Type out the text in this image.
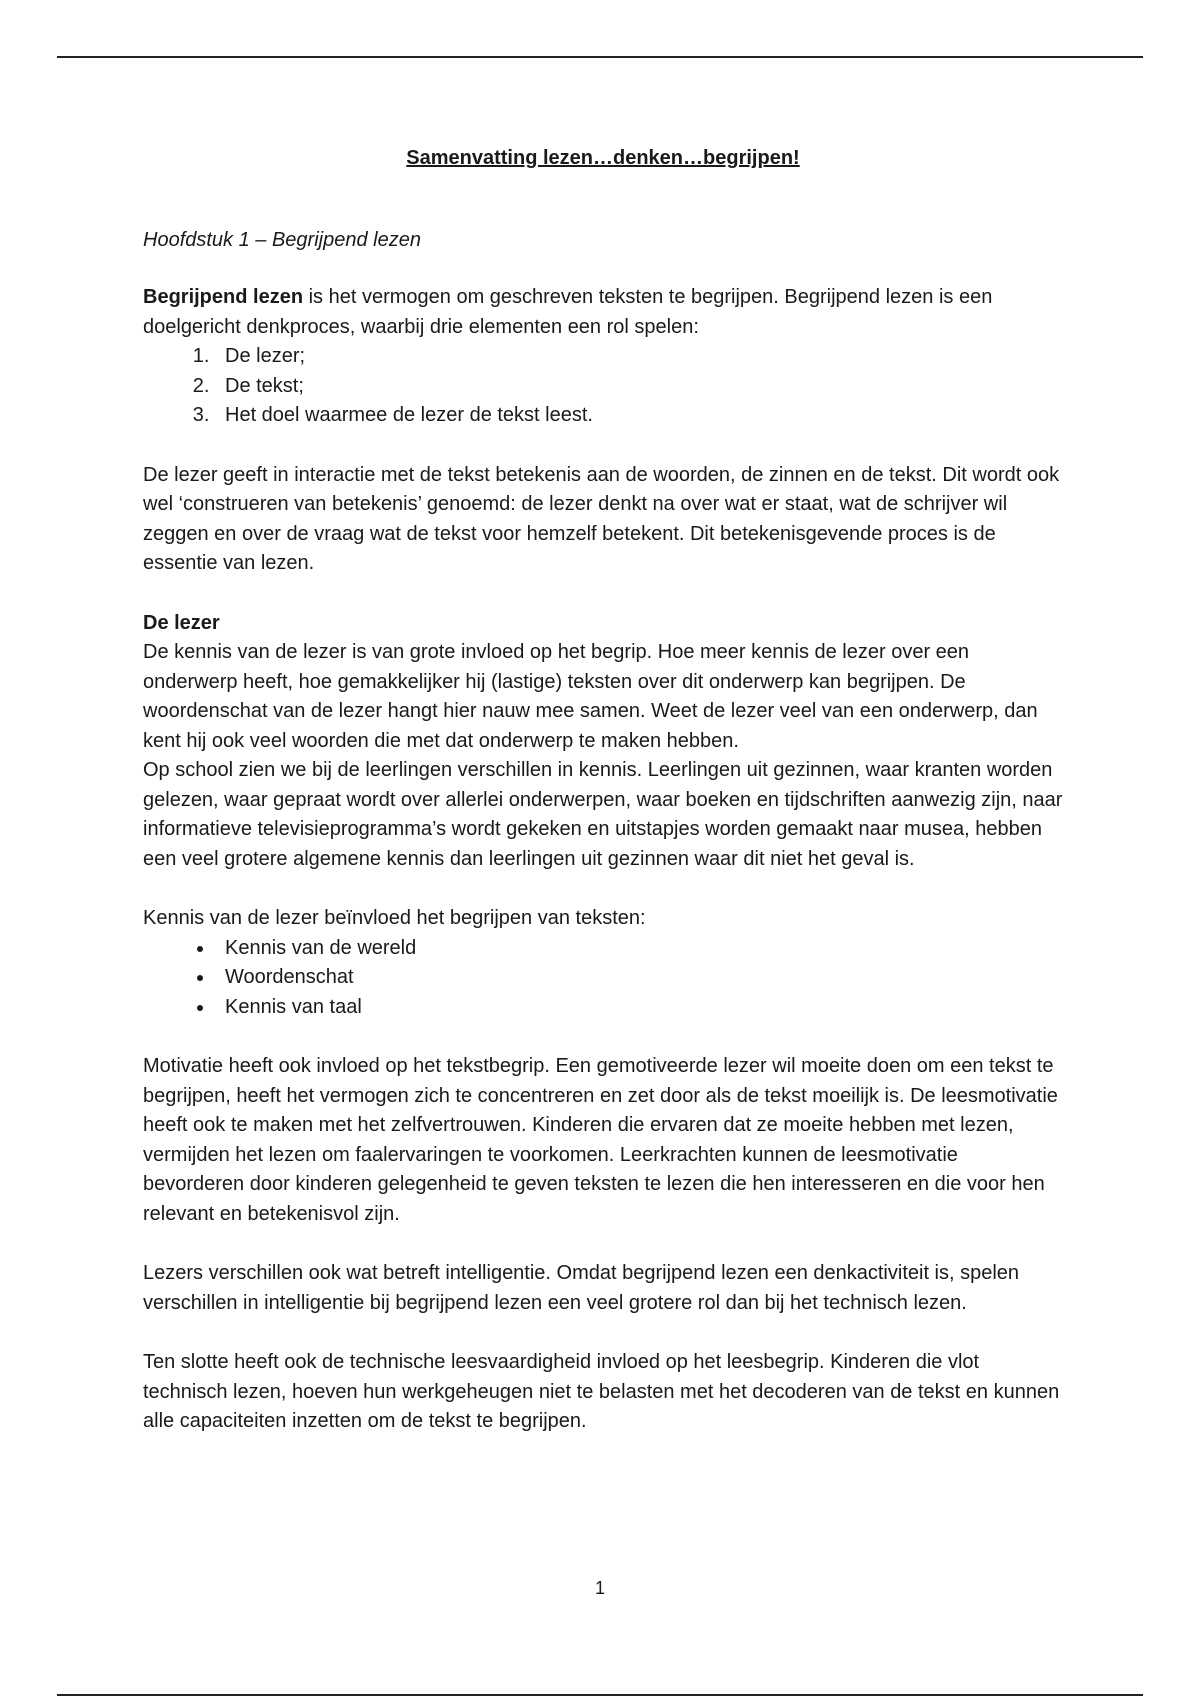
Samenvatting lezen…denken…begrijpen!
Hoofdstuk 1 – Begrijpend lezen

Begrijpend lezen is het vermogen om geschreven teksten te begrijpen. Begrijpend lezen is een doelgericht denkproces, waarbij drie elementen een rol spelen:

1. De lezer;
2. De tekst;
3. Het doel waarmee de lezer de tekst leest.

De lezer geeft in interactie met de tekst betekenis aan de woorden, de zinnen en de tekst. Dit wordt ook wel ‘construeren van betekenis’ genoemd: de lezer denkt na over wat er staat, wat de schrijver wil zeggen en over de vraag wat de tekst voor hemzelf betekent. Dit betekenisgevende proces is de essentie van lezen.

De lezer
De kennis van de lezer is van grote invloed op het begrip. Hoe meer kennis de lezer over een onderwerp heeft, hoe gemakkelijker hij (lastige) teksten over dit onderwerp kan begrijpen. De woordenschat van de lezer hangt hier nauw mee samen. Weet de lezer veel van een onderwerp, dan kent hij ook veel woorden die met dat onderwerp te maken hebben.
Op school zien we bij de leerlingen verschillen in kennis. Leerlingen uit gezinnen, waar kranten worden gelezen, waar gepraat wordt over allerlei onderwerpen, waar boeken en tijdschriften aanwezig zijn, naar informatieve televisieprogramma’s wordt gekeken en uitstapjes worden gemaakt naar musea, hebben een veel grotere algemene kennis dan leerlingen uit gezinnen waar dit niet het geval is.

Kennis van de lezer beïnvloed het begrijpen van teksten:

• Kennis van de wereld
• Woordenschat
• Kennis van taal

Motivatie heeft ook invloed op het tekstbegrip. Een gemotiveerde lezer wil moeite doen om een tekst te begrijpen, heeft het vermogen zich te concentreren en zet door als de tekst moeilijk is. De leesmotivatie heeft ook te maken met het zelfvertrouwen. Kinderen die ervaren dat ze moeite hebben met lezen, vermijden het lezen om faalervaringen te voorkomen. Leerkrachten kunnen de leesmotivatie bevorderen door kinderen gelegenheid te geven teksten te lezen die hen interesseren en die voor hen relevant en betekenisvol zijn.

Lezers verschillen ook wat betreft intelligentie. Omdat begrijpend lezen een denkactiviteit is, spelen verschillen in intelligentie bij begrijpend lezen een veel grotere rol dan bij het technisch lezen.

Ten slotte heeft ook de technische leesvaardigheid invloed op het leesbegrip. Kinderen die vlot technisch lezen, hoeven hun werkgeheugen niet te belasten met het decoderen van de tekst en kunnen alle capaciteiten inzetten om de tekst te begrijpen.

1
